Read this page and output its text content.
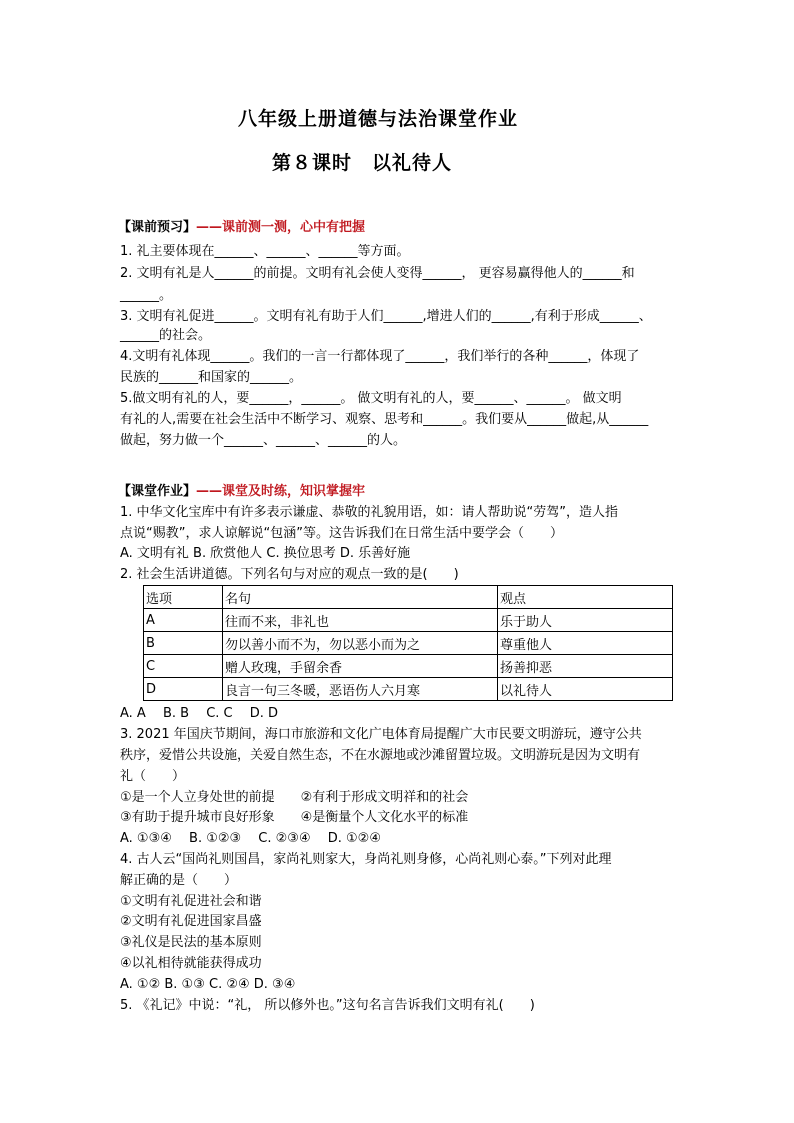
八年级上册道德与法治课堂作业
第８课时　以礼待人
【课前预习】——课前测一测，心中有把握
1. 礼主要体现在______、______、______等方面。
2. 文明有礼是人______的前提。文明有礼会使人变得______， 更容易赢得他人的______和
______。
3. 文明有礼促进______。文明有礼有助于人们______,增进人们的______,有利于形成______、
______的社会。
4.文明有礼体现______。我们的一言一行都体现了______，我们举行的各种______，体现了
民族的______和国家的______。
5.做文明有礼的人，要______，______。 做文明有礼的人，要______、______。 做文明
有礼的人,需要在社会生活中不断学习、观察、思考和______。我们要从______做起,从______
做起，努力做一个______、______、______的人。
【课堂作业】——课堂及时练，知识掌握牢
1. 中华文化宝库中有许多表示谦虚、恭敬的礼貌用语，如：请人帮助说“劳驾”，造人指
点说“赐教”，求人谅解说“包涵”等。这告诉我们在日常生活中要学会（　　）
A. 文明有礼 B. 欣赏他人 C. 换位思考 D. 乐善好施
2. 社会生活讲道德。下列名句与对应的观点一致的是(　　)
选项	名句	观点
A	往而不来，非礼也	乐于助人
B	勿以善小而不为，勿以恶小而为之	尊重他人
C	赠人玫瑰，手留余香	扬善抑恶
D	良言一句三冬暖，恶语伤人六月寒	以礼待人
A. A　 B. B　 C. C　 D. D
3. 2021 年国庆节期间，海口市旅游和文化广电体育局提醒广大市民要文明游玩，遵守公共
秩序，爱惜公共设施，关爱自然生态，不在水源地或沙滩留置垃圾。文明游玩是因为文明有
礼（　　）
①是一个人立身处世的前提　　②有利于形成文明祥和的社会
③有助于提升城市良好形象　　④是衡量个人文化水平的标准
A. ①③④　 B. ①②③　 C. ②③④　 D. ①②④
4. 古人云“国尚礼则国昌，家尚礼则家大，身尚礼则身修，心尚礼则心泰。”下列对此理
解正确的是（　　）
①文明有礼促进社会和谐
②文明有礼促进国家昌盛
③礼仪是民法的基本原则
④以礼相待就能获得成功
A. ①② B. ①③ C. ②④ D. ③④
5. 《礼记》中说：“礼， 所以修外也。”这句名言告诉我们文明有礼(　　)
